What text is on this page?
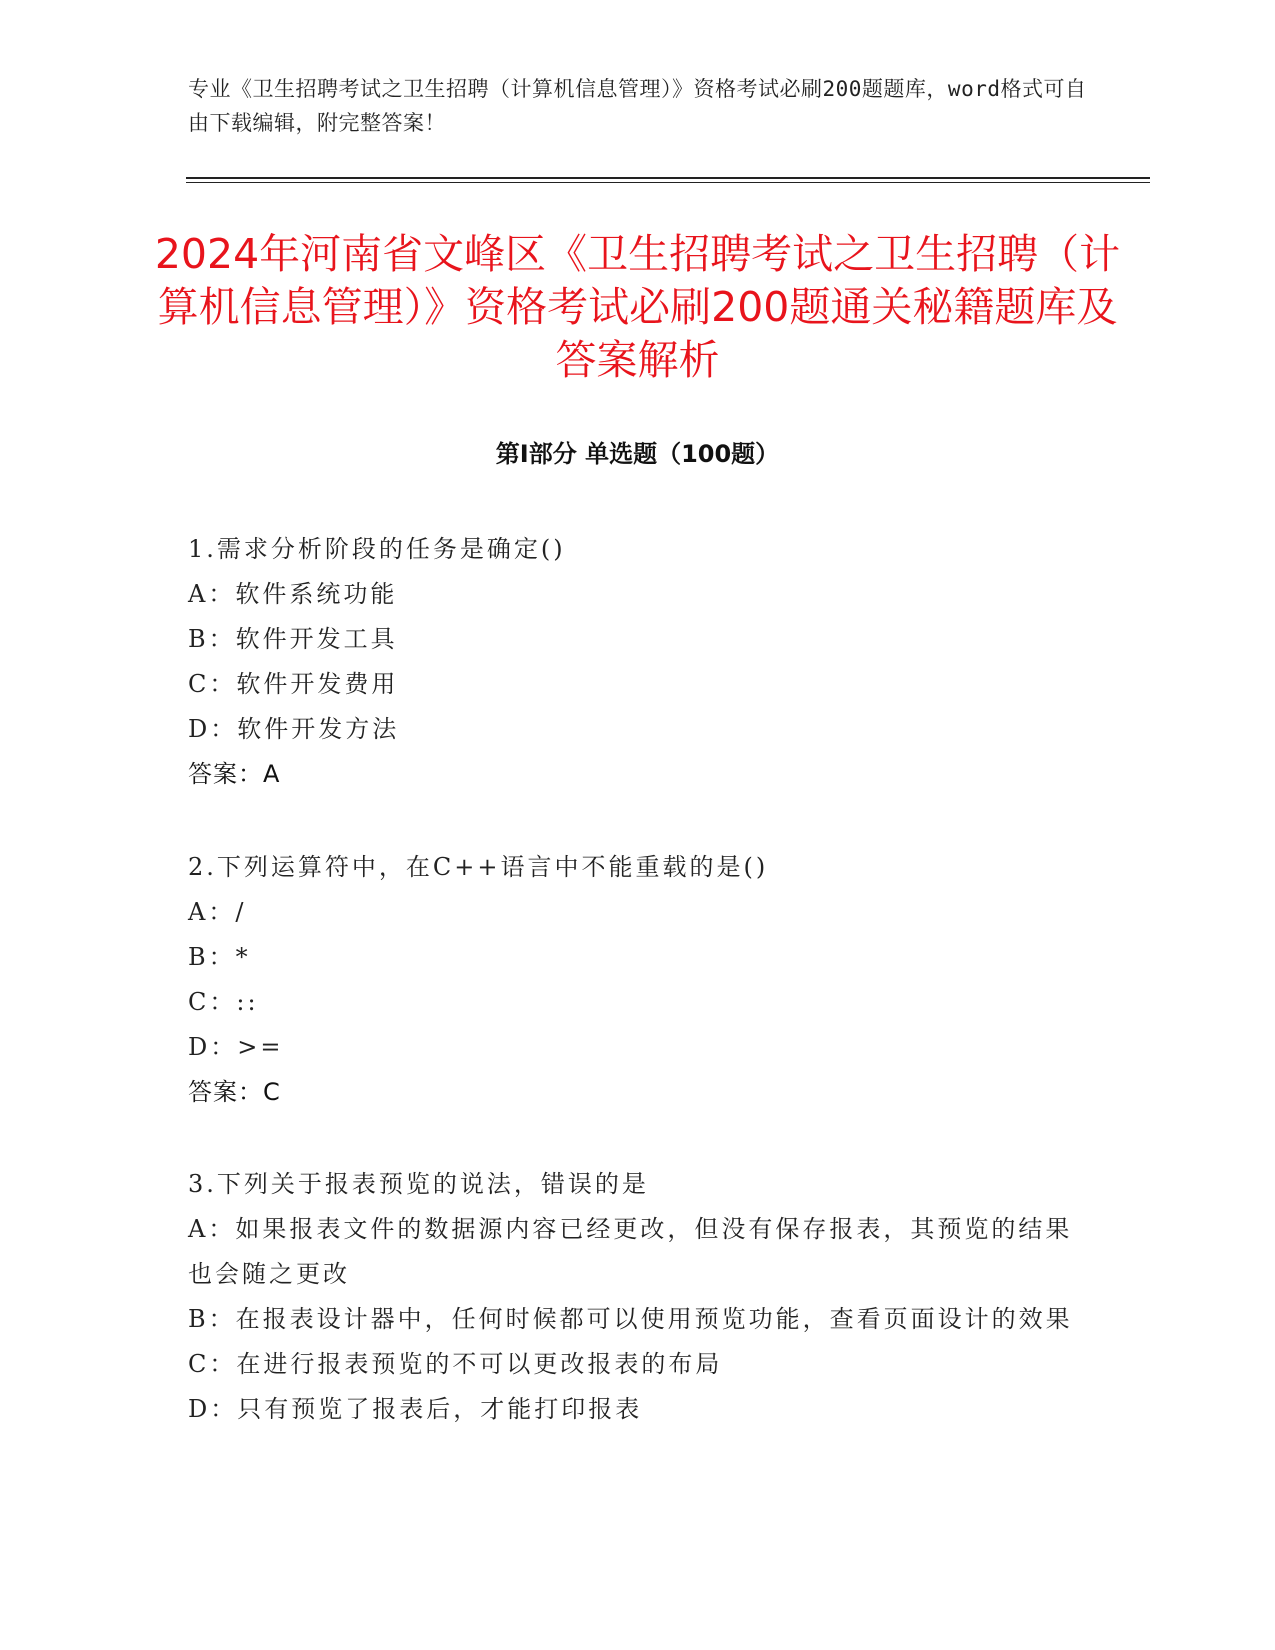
专业《卫生招聘考试之卫生招聘（计算机信息管理）》资格考试必刷200题题库，word格式可自由下载编辑，附完整答案！
2024年河南省文峰区《卫生招聘考试之卫生招聘（计算机信息管理）》资格考试必刷200题通关秘籍题库及答案解析
第Ⅰ部分 单选题（100题）
1.需求分析阶段的任务是确定()
A：软件系统功能
B：软件开发工具
C：软件开发费用
D：软件开发方法
答案：A
2.下列运算符中，在C++语言中不能重载的是()
A：/
B：*
C：::
D：>=
答案：C
3.下列关于报表预览的说法，错误的是
A：如果报表文件的数据源内容已经更改，但没有保存报表，其预览的结果也会随之更改
B：在报表设计器中，任何时候都可以使用预览功能，查看页面设计的效果
C：在进行报表预览的不可以更改报表的布局
D：只有预览了报表后，才能打印报表
